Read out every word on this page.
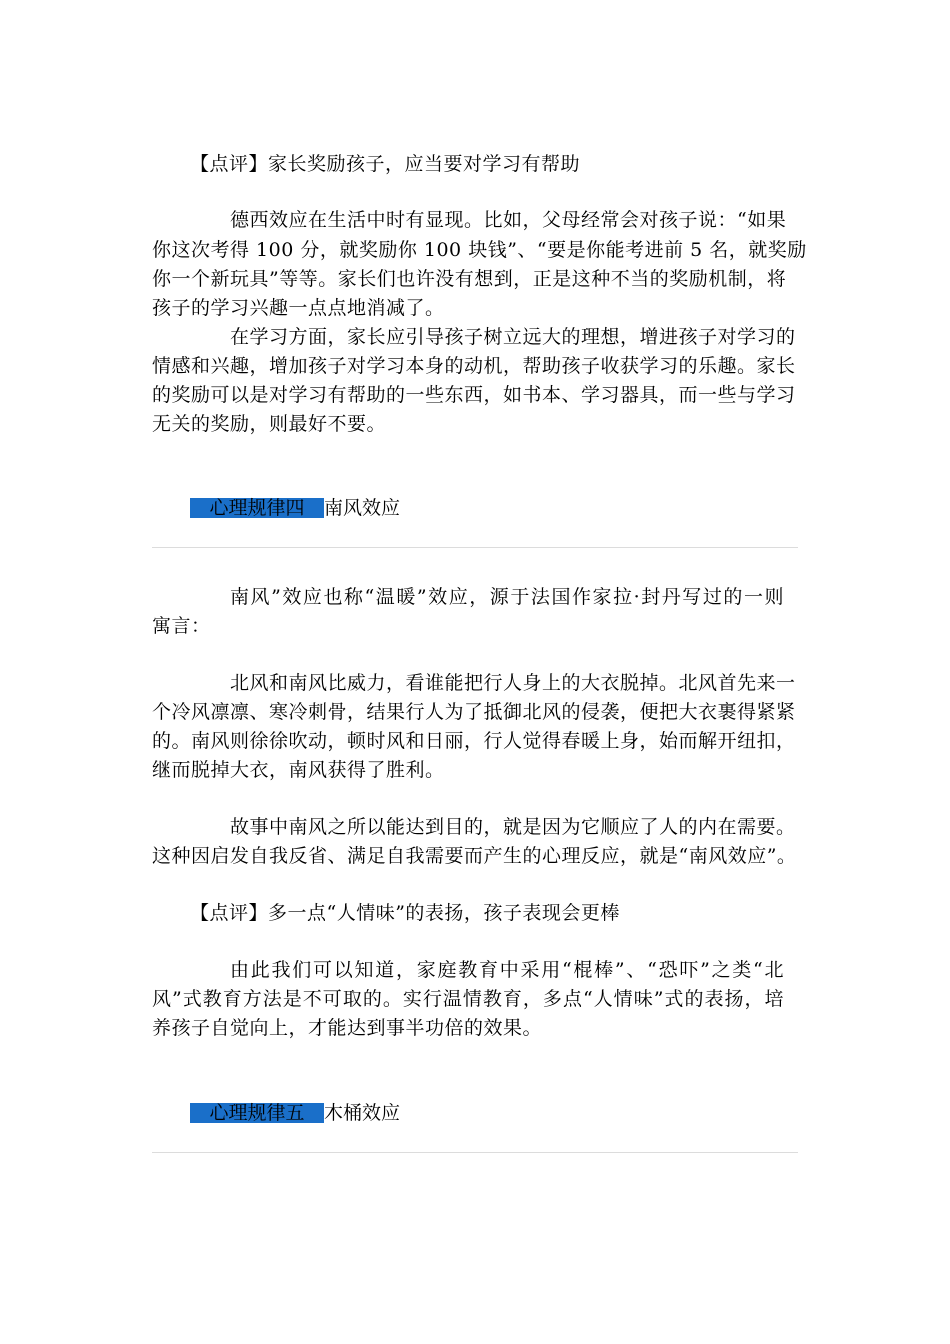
【点评】家长奖励孩子，应当要对学习有帮助
德西效应在生活中时有显现。比如，父母经常会对孩子说：“如果
你这次考得 100 分，就奖励你 100 块钱”、“要是你能考进前 5 名，就奖励
你一个新玩具”等等。家长们也许没有想到，正是这种不当的奖励机制，将
孩子的学习兴趣一点点地消减了。
在学习方面，家长应引导孩子树立远大的理想，增进孩子对学习的
情感和兴趣，增加孩子对学习本身的动机，帮助孩子收获学习的乐趣。家长
的奖励可以是对学习有帮助的一些东西，如书本、学习器具，而一些与学习
无关的奖励，则最好不要。
心理规律四 南风效应
南风”效应也称“温暖”效应，源于法国作家拉·封丹写过的一则
寓言：
北风和南风比威力，看谁能把行人身上的大衣脱掉。北风首先来一
个冷风凛凛、寒冷刺骨，结果行人为了抵御北风的侵袭，便把大衣裹得紧紧
的。南风则徐徐吹动，顿时风和日丽，行人觉得春暖上身，始而解开纽扣，
继而脱掉大衣，南风获得了胜利。
故事中南风之所以能达到目的，就是因为它顺应了人的内在需要。
这种因启发自我反省、满足自我需要而产生的心理反应，就是“南风效应”。
【点评】多一点“人情味”的表扬，孩子表现会更棒
由此我们可以知道，家庭教育中采用“棍棒”、“恐吓”之类“北
风”式教育方法是不可取的。实行温情教育，多点“人情味”式的表扬，培
养孩子自觉向上，才能达到事半功倍的效果。
心理规律五 木桶效应
